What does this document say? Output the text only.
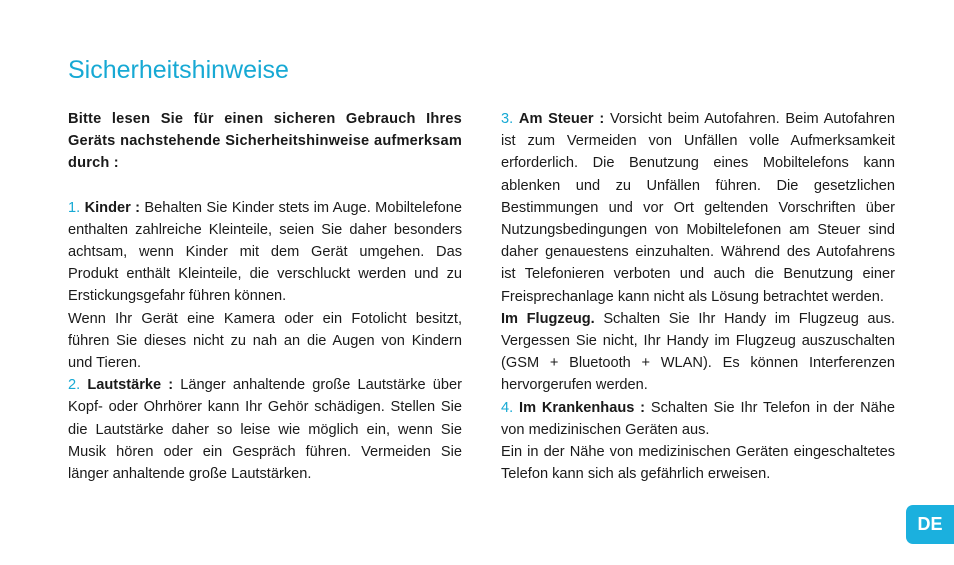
Sicherheitshinweise

Bitte lesen Sie für einen sicheren Gebrauch Ihres Geräts nachstehende Sicherheitshinweise aufmerksam durch :

1. Kinder : Behalten Sie Kinder stets im Auge. Mobiltelefone enthalten zahlreiche Kleinteile, seien Sie daher besonders achtsam, wenn Kinder mit dem Gerät umgehen. Das Produkt enthält Kleinteile, die verschluckt werden und zu Erstickungsgefahr führen können.

Wenn Ihr Gerät eine Kamera oder ein Fotolicht besitzt, führen Sie dieses nicht zu nah an die Augen von Kindern und Tieren.

2. Lautstärke : Länger anhaltende große Lautstärke über Kopf- oder Ohrhörer kann Ihr Gehör schädigen. Stellen Sie die Lautstärke daher so leise wie möglich ein, wenn Sie Musik hören oder ein Gespräch führen. Vermeiden Sie länger anhaltende große Lautstärken.

3. Am Steuer : Vorsicht beim Autofahren. Beim Autofahren ist zum Vermeiden von Unfällen volle Aufmerksamkeit erforderlich. Die Benutzung eines Mobiltelefons kann ablenken und zu Unfällen führen. Die gesetzlichen Bestimmungen und vor Ort geltenden Vorschriften über Nutzungsbedingungen von Mobiltelefonen am Steuer sind daher genauestens einzuhalten. Während des Autofahrens ist Telefonieren verboten und auch die Benutzung einer Freisprechanlage kann nicht als Lösung betrachtet werden.

Im Flugzeug. Schalten Sie Ihr Handy im Flugzeug aus. Vergessen Sie nicht, Ihr Handy im Flugzeug auszuschalten (GSM + Bluetooth + WLAN). Es können Interferenzen hervorgerufen werden.

4. Im Krankenhaus : Schalten Sie Ihr Telefon in der Nähe von medizinischen Geräten aus.

Ein in der Nähe von medizinischen Geräten eingeschaltetes Telefon kann sich als gefährlich erweisen.

DE
